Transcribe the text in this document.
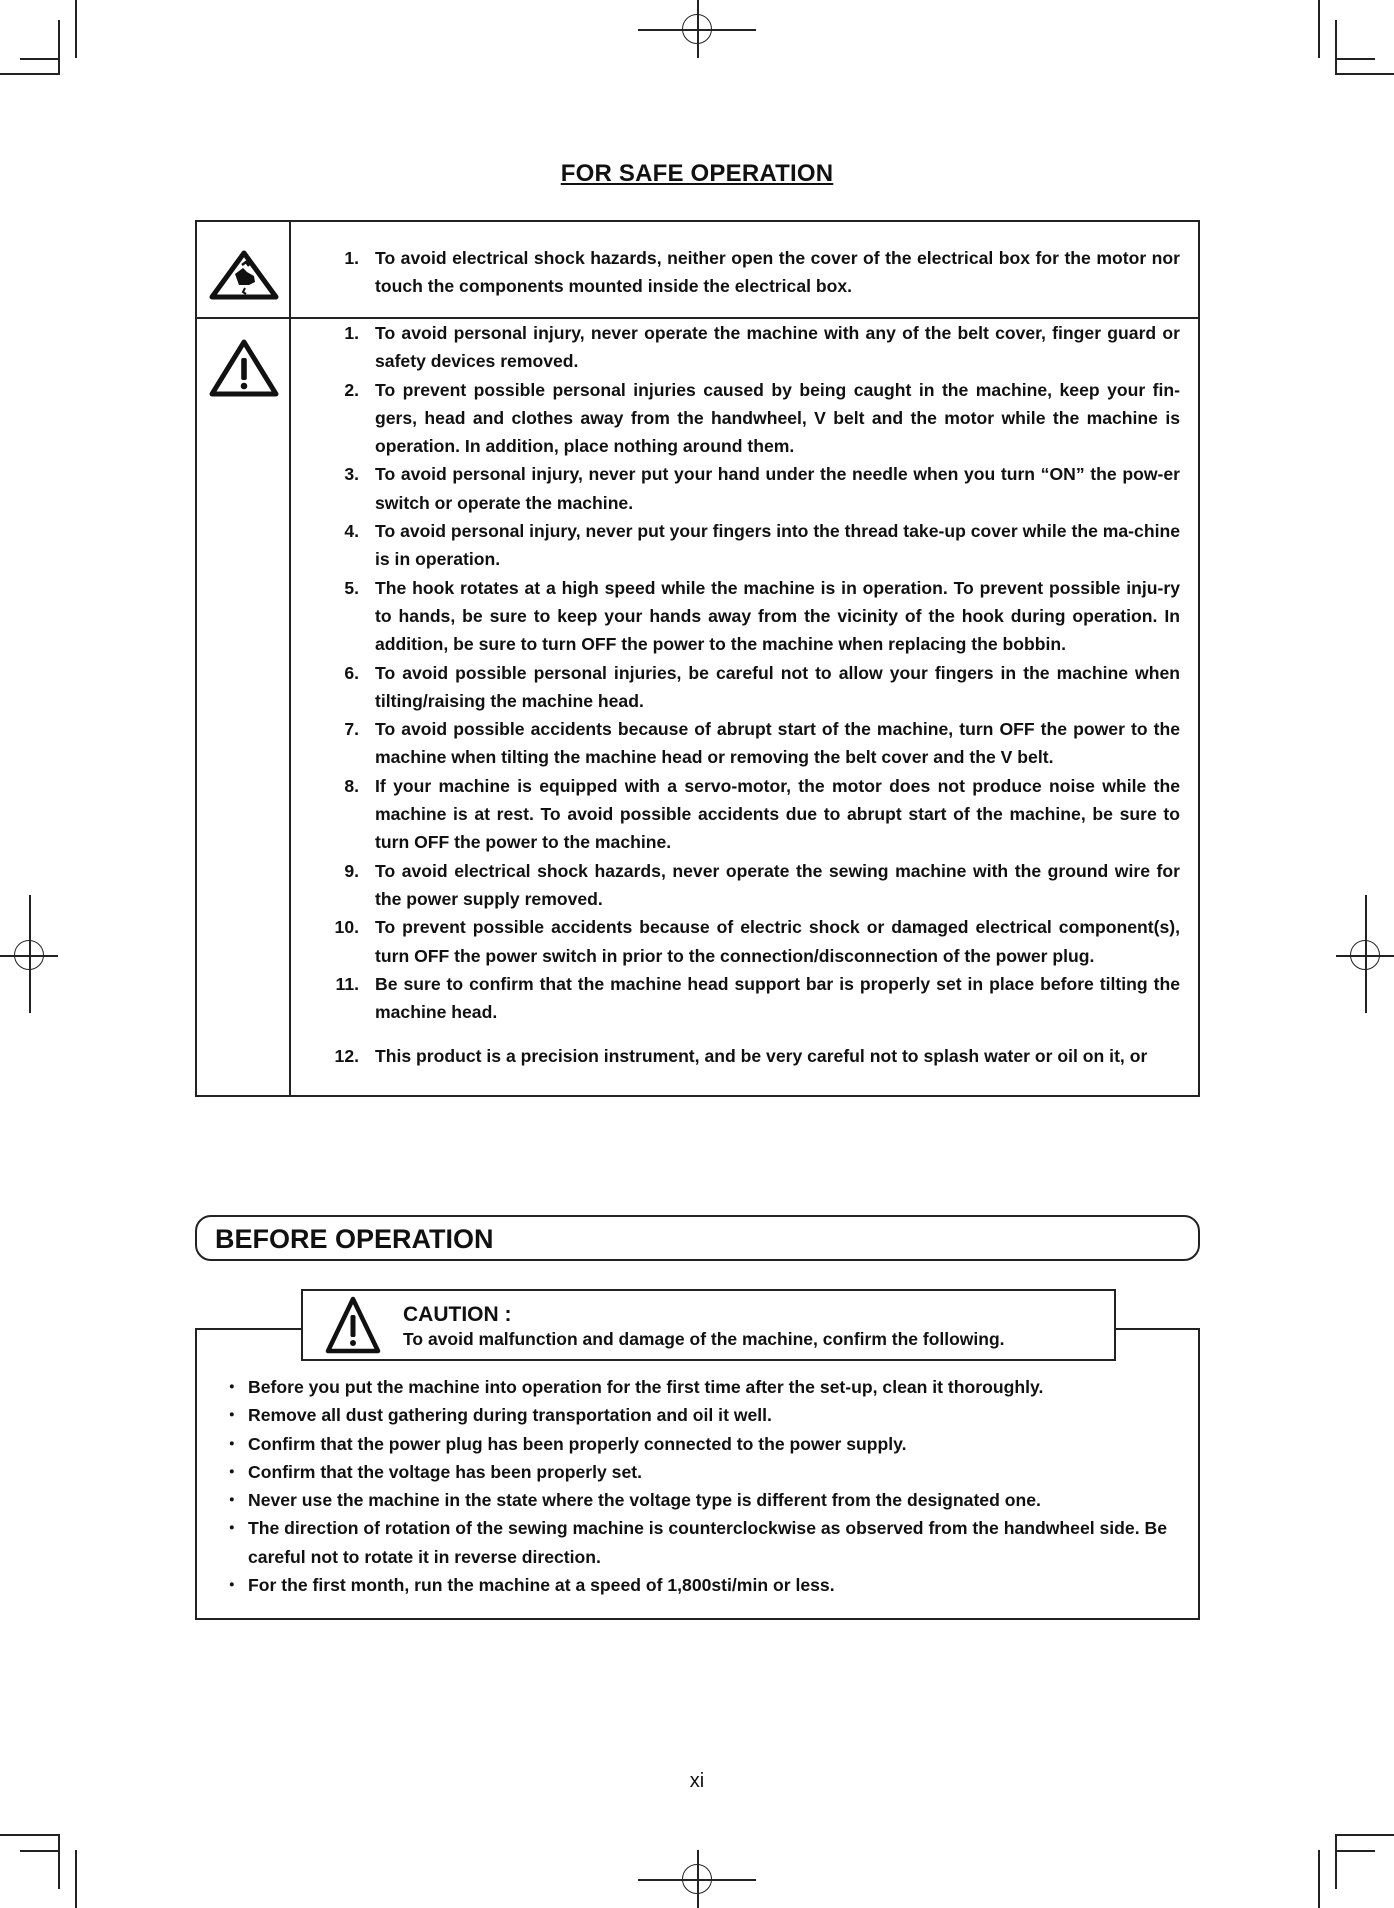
FOR SAFE OPERATION
1. To avoid electrical shock hazards, neither open the cover of the electrical box for the motor nor touch the components mounted inside the electrical box.
1. To avoid personal injury, never operate the machine with any of the belt cover, finger guard or safety devices removed.
2. To prevent possible personal injuries caused by being caught in the machine, keep your fin-gers, head and clothes away from the handwheel, V belt and the motor while the machine is operation. In addition, place nothing around them.
3. To avoid personal injury, never put your hand under the needle when you turn “ON” the pow-er switch or operate the machine.
4. To avoid personal injury, never put your fingers into the thread take-up cover while the ma-chine is in operation.
5. The hook rotates at a high speed while the machine is in operation. To prevent possible inju-ry to hands, be sure to keep your hands away from the vicinity of the hook during operation. In addition, be sure to turn OFF the power to the machine when replacing the bobbin.
6. To avoid possible personal injuries, be careful not to allow your fingers in the machine when tilting/raising the machine head.
7. To avoid possible accidents because of abrupt start of the machine, turn OFF the power to the machine when tilting the machine head or removing the belt cover and the V belt.
8. If your machine is equipped with a servo-motor, the motor does not produce noise while the machine is at rest. To avoid possible accidents due to abrupt start of the machine, be sure to turn OFF the power to the machine.
9. To avoid electrical shock hazards, never operate the sewing machine with the ground wire for the power supply removed.
10. To prevent possible accidents because of electric shock or damaged electrical component(s), turn OFF the power switch in prior to the connection/disconnection of the power plug.
11. Be sure to confirm that the machine head support bar is properly set in place before tilting the machine head.
12. This product is a precision instrument, and be very careful not to splash water or oil on it, or
BEFORE OPERATION
CAUTION :
To avoid malfunction and damage of the machine, confirm the following.
・ Before you put the machine into operation for the first time after the set-up, clean it thoroughly.
・ Remove all dust gathering during transportation and oil it well.
・ Confirm that the power plug has been properly connected to the power supply.
・ Confirm that the voltage has been properly set.
・ Never use the machine in the state where the voltage type is different from the designated one.
・ The direction of rotation of the sewing machine is counterclockwise as observed from the handwheel side. Be careful not to rotate it in reverse direction.
・ For the first month, run the machine at a speed of 1,800sti/min or less.
xi
